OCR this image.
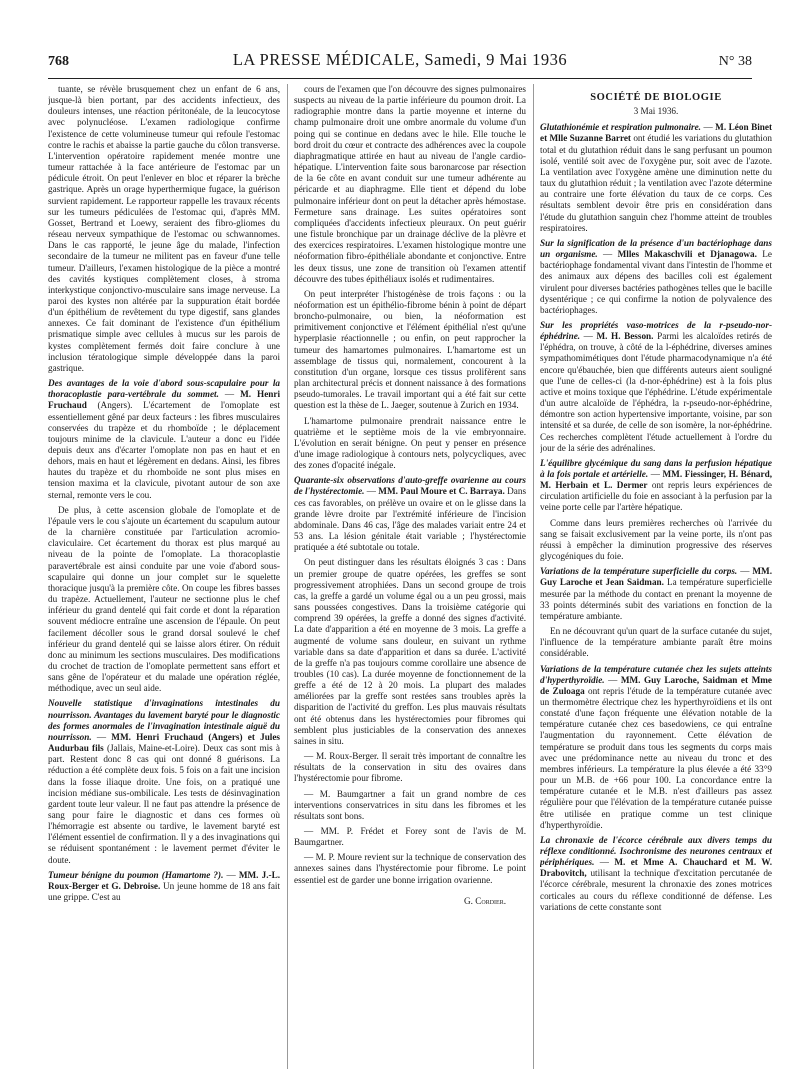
768	LA PRESSE MÉDICALE, Samedi, 9 Mai 1936	N° 38

tuante, se révèle brusquement chez un enfant de 6 ans, jusque-là bien portant, par des accidents infectieux, des douleurs intenses, une réaction péritonéale, de la leucocytose avec polynucléose. L'examen radiologique confirme l'existence de cette volumineuse tumeur qui refoule l'estomac contre le rachis et abaisse la partie gauche du côlon transverse. L'intervention opératoire rapidement menée montre une tumeur rattachée à la face antérieure de l'estomac par un pédicule étroit. On peut l'enlever en bloc et réparer la brèche gastrique. Après un orage hyperthermique fugace, la guérison survient rapidement. Le rapporteur rappelle les travaux récents sur les tumeurs pédiculées de l'estomac qui, d'après MM. Gosset, Bertrand et Loewy, seraient des fibro-gliomes du réseau nerveux sympathique de l'estomac ou schwannomes. Dans le cas rapporté, le jeune âge du malade, l'infection secondaire de la tumeur ne militent pas en faveur d'une telle tumeur. D'ailleurs, l'examen histologique de la pièce a montré des cavités kystiques complètement closes, à stroma interkystique conjonctivo-musculaire sans image nerveuse. La paroi des kystes non altérée par la suppuration était bordée d'un épithélium de revêtement du type digestif, sans glandes annexes. Ce fait dominant de l'existence d'un épithélium prismatique simple avec cellules à mucus sur les parois de kystes complètement fermés doit faire conclure à une inclusion tératologique simple développée dans la paroi gastrique.

Des avantages de la voie d'abord sous-scapulaire pour la thoracoplastie para-vertébrale du sommet. — M. Henri Fruchaud (Angers). L'écartement de l'omoplate est essentiellement gêné par deux facteurs : les fibres musculaires conservées du trapèze et du rhomboïde ; le déplacement toujours minime de la clavicule. L'auteur a donc eu l'idée depuis deux ans d'écarter l'omoplate non pas en haut et en dehors, mais en haut et légèrement en dedans. Ainsi, les fibres hautes du trapèze et du rhomboïde ne sont plus mises en tension maxima et la clavicule, pivotant autour de son axe sternal, remonte vers le cou.

De plus, à cette ascension globale de l'omoplate et de l'épaule vers le cou s'ajoute un écartement du scapulum autour de la charnière constituée par l'articulation acromio-claviculaire. Cet écartement du thorax est plus marqué au niveau de la pointe de l'omoplate. La thoracoplastie paravertébrale est ainsi conduite par une voie d'abord sous-scapulaire qui donne un jour complet sur le squelette thoracique jusqu'à la première côte. On coupe les fibres basses du trapèze. Actuellement, l'auteur ne sectionne plus le chef inférieur du grand dentelé qui fait corde et dont la réparation souvent médiocre entraîne une ascension de l'épaule. On peut facilement décoller sous le grand dorsal soulevé le chef inférieur du grand dentelé qui se laisse alors étirer. On réduit donc au minimum les sections musculaires. Des modifications du crochet de traction de l'omoplate permettent sans effort et sans gêne de l'opérateur et du malade une opération réglée, méthodique, avec un seul aide.

Nouvelle statistique d'invaginations intestinales du nourrisson. Avantages du lavement baryté pour le diagnostic des formes anormales de l'invagination intestinale aiguë du nourrisson. — MM. Henri Fruchaud (Angers) et Jules Audurbau fils (Jallais, Maine-et-Loire). Deux cas sont mis à part. Restent donc 8 cas qui ont donné 8 guérisons. La réduction a été complète deux fois. 5 fois on a fait une incision dans la fosse iliaque droite. Une fois, on a pratiqué une incision médiane sus-ombilicale. Les tests de désinvagination gardent toute leur valeur. Il ne faut pas attendre la présence de sang pour faire le diagnostic et dans ces formes où l'hémorragie est absente ou tardive, le lavement baryté est l'élément essentiel de confirmation. Il y a des invaginations qui se réduisent spontanément : le lavement permet d'éviter le doute.

Tumeur bénigne du poumon (Hamartome ?). — MM. J.-L. Roux-Berger et G. Debroise. Un jeune homme de 18 ans fait une grippe. C'est au

cours de l'examen que l'on découvre des signes pulmonaires suspects au niveau de la partie inférieure du poumon droit. La radiographie montre dans la partie moyenne et interne du champ pulmonaire droit une ombre anormale du volume d'un poing qui se continue en dedans avec le hile. Elle touche le bord droit du cœur et contracte des adhérences avec la coupole diaphragmatique attirée en haut au niveau de l'angle cardio-hépatique. L'intervention faite sous baronarcose par résection de la 6e côte en avant conduit sur une tumeur adhérente au péricarde et au diaphragme. Elle tient et dépend du lobe pulmonaire inférieur dont on peut la détacher après hémostase. Fermeture sans drainage. Les suites opératoires sont compliquées d'accidents infectieux pleuraux. On peut guérir une fistule bronchique par un drainage déclive de la plèvre et des exercices respiratoires. L'examen histologique montre une néoformation fibro-épithéliale abondante et conjonctive. Entre les deux tissus, une zone de transition où l'examen attentif découvre des tubes épithéliaux isolés et rudimentaires.

On peut interpréter l'histogénèse de trois façons : ou la néoformation est un épithélio-fibrome bénin à point de départ broncho-pulmonaire, ou bien, la néoformation est primitivement conjonctive et l'élément épithélial n'est qu'une hyperplasie réactionnelle ; ou enfin, on peut rapprocher la tumeur des hamartomes pulmonaires. L'hamartome est un assemblage de tissus qui, normalement, concourent à la constitution d'un organe, lorsque ces tissus prolifèrent sans plan architectural précis et donnent naissance à des formations pseudo-tumorales. Le travail important qui a été fait sur cette question est la thèse de L. Jaeger, soutenue à Zurich en 1934.

L'hamartome pulmonaire prendrait naissance entre le quatrième et le septième mois de la vie embryonnaire. L'évolution en serait bénigne. On peut y penser en présence d'une image radiologique à contours nets, polycycliques, avec des zones d'opacité inégale.

Quarante-six observations d'auto-greffe ovarienne au cours de l'hystérectomie. — MM. Paul Moure et C. Barraya. Dans ces cas favorables, on prélève un ovaire et on le glisse dans la grande lèvre droite par l'extrémité inférieure de l'incision abdominale. Dans 46 cas, l'âge des malades variait entre 24 et 53 ans. La lésion génitale était variable ; l'hystérectomie pratiquée a été subtotale ou totale.

On peut distinguer dans les résultats éloignés 3 cas : Dans un premier groupe de quatre opérées, les greffes se sont progressivement atrophiées. Dans un second groupe de trois cas, la greffe a gardé un volume égal ou a un peu grossi, mais sans poussées congestives. Dans la troisième catégorie qui comprend 39 opérées, la greffe a donné des signes d'activité. La date d'apparition a été en moyenne de 3 mois. La greffe a augmenté de volume sans douleur, en suivant un rythme variable dans sa date d'apparition et dans sa durée. L'activité de la greffe n'a pas toujours comme corollaire une absence de troubles (10 cas). La durée moyenne de fonctionnement de la greffe a été de 12 à 20 mois. La plupart des malades améliorées par la greffe sont restées sans troubles après la disparition de l'activité du greffon. Les plus mauvais résultats ont été obtenus dans les hystérectomies pour fibromes qui semblent plus justiciables de la conservation des annexes saines in situ.

— M. Roux-Berger. Il serait très important de connaître les résultats de la conservation in situ des ovaires dans l'hystérectomie pour fibrome.

— M. Baumgartner a fait un grand nombre de ces interventions conservatrices in situ dans les fibromes et les résultats sont bons.

— MM. P. Frédet et Forey sont de l'avis de M. Baumgartner.

— M. P. Moure revient sur la technique de conservation des annexes saines dans l'hystérectomie pour fibrome. Le point essentiel est de garder une bonne irrigation ovarienne.

G. Cordier.
SOCIÉTÉ DE BIOLOGIE
3 Mai 1936.

Glutathionémie et respiration pulmonaire. — M. Léon Binet et Mlle Suzanne Barret ont étudié les variations du glutathion total et du glutathion réduit dans le sang perfusant un poumon isolé, ventilé soit avec de l'oxygène pur, soit avec de l'azote. La ventilation avec l'oxygène amène une diminution nette du taux du glutathion réduit ; la ventilation avec l'azote détermine au contraire une forte élévation du taux de ce corps. Ces résultats semblent devoir être pris en considération dans l'étude du glutathion sanguin chez l'homme atteint de troubles respiratoires.

Sur la signification de la présence d'un bactériophage dans un organisme. — Mlles Makaschvili et Djanagowa. Le bactériophage fondamental vivant dans l'intestin de l'homme et des animaux aux dépens des bacilles coli est également virulent pour diverses bactéries pathogènes telles que le bacille dysentérique ; ce qui confirme la notion de polyvalence des bactériophages.

Sur les propriétés vaso-motrices de la r-pseudo-nor-éphédrine. — M. H. Besson. Parmi les alcaloïdes retirés de l'éphédra, on trouve, à côté de la l-éphédrine, diverses amines sympathomimétiques dont l'étude pharmacodynamique n'a été encore qu'ébauchée, bien que différents auteurs aient souligné que l'une de celles-ci (la d-nor-éphédrine) est à la fois plus active et moins toxique que l'éphédrine. L'étude expérimentale d'un autre alcaloïde de l'éphédra, la r-pseudo-nor-éphédrine, démontre son action hypertensive importante, voisine, par son intensité et sa durée, de celle de son isomère, la nor-éphédrine. Ces recherches complètent l'étude actuellement à l'ordre du jour de la série des adrénalines.

L'équilibre glycémique du sang dans la perfusion hépatique à la fois portale et artérielle. — MM. Fiessinger, H. Bénard, M. Herbain et L. Dermer ont repris leurs expériences de circulation artificielle du foie en associant à la perfusion par la veine porte celle par l'artère hépatique.

Comme dans leurs premières recherches où l'arrivée du sang se faisait exclusivement par la veine porte, ils n'ont pas réussi à empêcher la diminution progressive des réserves glycogéniques du foie.

Variations de la température superficielle du corps. — MM. Guy Laroche et Jean Saidman. La température superficielle mesurée par la méthode du contact en prenant la moyenne de 33 points déterminés subit des variations en fonction de la température ambiante.

En ne découvrant qu'un quart de la surface cutanée du sujet, l'influence de la température ambiante paraît être moins considérable.

Variations de la température cutanée chez les sujets atteints d'hyperthyroïdie. — MM. Guy Laroche, Saidman et Mme de Zuloaga ont repris l'étude de la température cutanée avec un thermomètre électrique chez les hyperthyroïdiens et ils ont constaté d'une façon fréquente une élévation notable de la température cutanée chez ces basedowiens, ce qui entraîne l'augmentation du rayonnement. Cette élévation de température se produit dans tous les segments du corps mais avec une prédominance nette au niveau du tronc et des membres inférieurs. La température la plus élevée a été 33°9 pour un M.B. de +66 pour 100. La concordance entre la température cutanée et le M.B. n'est d'ailleurs pas assez régulière pour que l'élévation de la température cutanée puisse être utilisée en pratique comme un test clinique d'hyperthyroïdie.

La chronaxie de l'écorce cérébrale aux divers temps du réflexe conditionné. Isochronisme des neurones centraux et périphériques. — M. et Mme A. Chauchard et M. W. Drabovitch, utilisant la technique d'excitation percutanée de l'écorce cérébrale, mesurent la chronaxie des zones motrices corticales au cours du réflexe conditionné de défense. Les variations de cette constante sont
